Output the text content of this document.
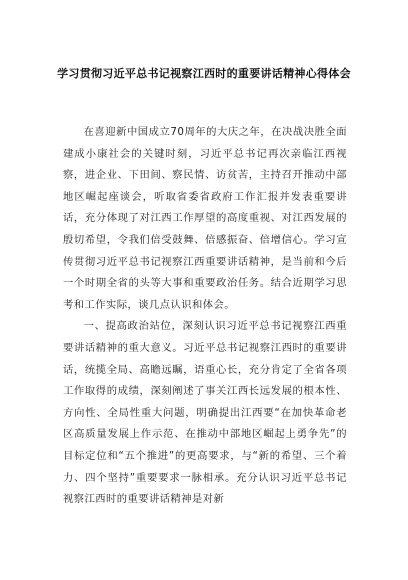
学习贯彻习近平总书记视察江西时的重要讲话精神心得体会

在喜迎新中国成立70周年的大庆之年，在决战决胜全面建成小康社会的关键时刻，习近平总书记再次亲临江西视察，进企业、下田间、察民情、访贫苦，主持召开推动中部地区崛起座谈会，听取省委省政府工作汇报并发表重要讲话，充分体现了对江西工作厚望的高度重视、对江西发展的殷切希望，令我们倍受鼓舞、倍感振奋、倍增信心。学习宣传贯彻习近平总书记视察江西重要讲话精神，是当前和今后一个时期全省的头等大事和重要政治任务。结合近期学习思考和工作实际，谈几点认识和体会。

一、提高政治站位，深刻认识习近平总书记视察江西重要讲话精神的重大意义。习近平总书记视察江西时的重要讲话，统揽全局、高瞻远瞩，语重心长，充分肯定了全省各项工作取得的成绩，深刻阐述了事关江西长远发展的根本性、方向性、全局性重大问题，明确提出江西要“在加快革命老区高质量发展上作示范、在推动中部地区崛起上勇争先”的目标定位和“五个推进”的更高要求，与“新的希望、三个着力、四个坚持”重要要求一脉相承。充分认识习近平总书记视察江西时的重要讲话精神是对新
